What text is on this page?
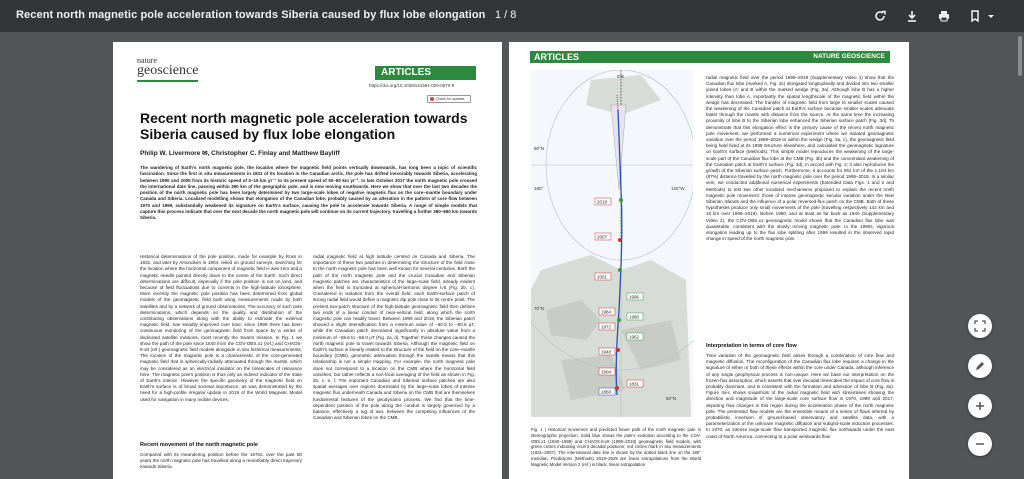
Recent north magnetic pole acceleration towards Siberia caused by flux lobe elongation 1 / 8
nature
geoscience	ARTICLES
https://doi.org/10.1038/s41561-020-0570-9
Check for updates
Recent north magnetic pole acceleration towards Siberia caused by flux lobe elongation
Philip W. Livermore ✉, Christopher C. Finlay and Matthew Bayliff
The wandering of Earth's north magnetic pole, the location where the magnetic field points vertically downwards, has long been a topic of scientific fascination. Since the first in situ measurements in 1831 of its location in the Canadian arctic, the pole has drifted inexorably towards Siberia, accelerating between 1990 and 2005 from its historic speed of 0–15 km yr⁻¹ to its present speed of 50–60 km yr⁻¹. In late October 2017 the north magnetic pole crossed the international date line, passing within 390 km of the geographic pole, and is now moving southwards. Here we show that over the last two decades the position of the north magnetic pole has been largely determined by two large-scale lobes of negative magnetic flux on the core–mantle boundary under Canada and Siberia. Localized modelling shows that elongation of the Canadian lobe, probably caused by an alteration in the pattern of core flow between 1970 and 1999, substantially weakened its signature on Earth's surface, causing the pole to accelerate towards Siberia. A range of simple models that capture this process indicate that over the next decade the north magnetic pole will continue on its current trajectory, travelling a further 390–660 km towards Siberia.
Historical determinations of the pole position, made for example by Ross in 1831, and later by Amundsen in 1904, relied on ground surveys, searching for the location where the horizontal component of magnetic field H was zero and a magnetic needle pointed directly down to the centre of the Earth. Such direct determinations are difficult, especially if the pole position is not on land, and because of field fluctuations due to currents in the high-latitude ionosphere. More recently the magnetic pole position has been determined from global models of the geomagnetic field built using measurements made by both satellites and by a network of ground observatories. The accuracy of such pole determinations, which depends on the quality and distribution of the contributing observations along with the ability to estimate the external magnetic field, has steadily improved over time; since 1999 there has been continuous monitoring of the geomagnetic field from space by a series of dedicated satellite missions, most recently the Swarm mission. In Fig. 1 we show the path of the pole since 1840 from the COV-OBS.x1 (ref.) and CHAOS-6-x8 (ref.) geomagnetic field models alongside in situ historical measurements. The location of the magnetic pole is a characteristic of the core-generated magnetic field that is spherically-radially attenuated through the mantle, which may be considered as an electrical insulator on the timescales of relevance here. The magnetic pole's position is thus only an indirect indicator of the state of Earth's interior. However the specific geometry of the magnetic field on Earth's surface is of broad societal importance, as was demonstrated by the need for a high-profile irregular update in 2019 of the World Magnetic Model used for navigation in many mobile devices.
radial magnetic field at high latitude centred on Canada and Siberia. The importance of these two patches in determining the structure of the field close to the north magnetic pole has been well known for several centuries. Both the path of the north magnetic pole and the crucial Canadian and Siberian magnetic patches are characteristics of the large-scale field, already evident when the field is truncated at spherical-harmonic degree l=6 (Fig. 2b, c). Considered in isolation from the overall field, each Earth-surface patch of strong radial field would define a magnetic dip pole close to its centre point. The present two-patch structure of the high-latitude geomagnetic field then defines two ends of a linear conduit of near-vertical field, along which the north magnetic pole can readily travel. Between 1999 and 2019, the Siberian patch showed a slight intensification from a minimum value of −60.5 to −60.6 μT, while the Canadian patch decreased significantly in absolute value from a minimum of −59.6 to −58.0 μT (Fig. 2a, d). Together, these changes caused the north magnetic pole to travel towards Siberia. Although the magnetic field on Earth's surface is linearly related to the structure of the field on the core–mantle boundary (CMB), geometric attenuation through the mantle means that this relationship is not a simple mapping. For example, the north magnetic pole does not correspond to a location on the CMB where the horizontal field vanishes, but rather reflects a non-local averaging of the field as shown in Fig. 2b, c, e, f. The important Canadian and Siberian surface patches are also spatial averages over regions dominated by the large-scale lobes of intense magnetic flux underneath Canada and Siberia on the CMB that are themselves fundamental features of the geodynamo process. We find that the time-dependent position of the pole along the conduit is largely governed by a balance, effectively a tug of war, between the competing influences of the Canadian and Siberian lobes on the CMB.
Recent movement of the north magnetic pole
Compared with its meandering position before the 1970s, over the past 50 years the north magnetic pole has travelled along a remarkably direct trajectory towards Siberia.
ARTICLES	NATURE GEOSCIENCE
2019
2007
2001
1996
1984
1980
1972
1962
1948
1904
1831
1860
80°N
70°N
60°N
0°E
180°	120°W
Fig. 1 | Historical movement and predicted future path of the north magnetic pole in stereographic projection. Solid blue shows the pole's evolution according to the COV-OBS.x1 (1840–1999) and CHAOS-6-x8 (1999–2019) geomagnetic field models, with green circles indicating recent decadal positions; red circles mark in situ measurements (1831–2007). The international date line is shown by the dotted black line on the 180° meridian. Predictions (Methods) 2019–2029 are linear extrapolations from the World Magnetic Model Version 2 (ref.) in black, linear extrapolation
radial magnetic field over the period 1999–2019 (Supplementary Video 1) show that the Canadian flux lobe (marked A, Fig. 3c) elongated longitudinally and divided into two smaller joined lobes (A' and B within the marked wedge (Fig. 3a). Although lobe B has a higher intensity than lobe A, importantly the spatial lengthscale of the magnetic field within the wedge has decreased. The transfer of magnetic field from large to smaller scales caused the weakening of the Canadian patch at Earth's surface because smaller scales attenuate faster through the mantle with distance from the source. At the same time the increasing proximity of lobe B to the Siberian lobe enhanced the Siberian surface patch (Fig. 3d). To demonstrate that this elongation effect is the primary cause of the recent north magnetic pole movement, we performed a numerical experiment where we isolated geomagnetic variation over the period 1999–2019 to within the wedge (Fig. 3a, c), the geomagnetic field being held fixed at its 1999 structure elsewhere, and calculated the geomagnetic signature on Earth's surface (Methods). This simple model reproduces the weakening of the large-scale part of the Canadian flux lobe at the CMB (Fig. 3b) and the concomitant weakening of the Canadian patch at Earth's surface (Fig. 3d), in accord with Fig. 2; it also reproduces the growth of the Siberian surface patch. Furthermore, it accounts for 961 km of the 1,104 km (87%) distance travelled by the north magnetic pole over the period 1999–2019. In a similar vein, we conducted additional numerical experiments (Extended Data Figs. 1 and 2 and Methods) to test two other localized mechanisms proposed to explain the recent north magnetic pole movement: those of intense geomagnetic secular variation under the New Siberian Islands and the influence of a polar reversed-flux patch on the CMB. Both of these hypotheses produce only small movements of the pole (travelling respectively 142 km and 16 km over 1999–2019). Before 1990, and at least as far back as 1940 (Supplementary Video 2), the COV-OBS.x1 geomagnetic model shows that the Canadian flux lobe was quasistable, consistent with the slowly moving magnetic pole. In the 1990s, vigorous elongation leading up to the flux lobe splitting after 1999 resulted in the observed rapid change in speed of the north magnetic pole.
Interpretation in terms of core flow
Time variation of the geomagnetic field arises through a combination of core flow and magnetic diffusion. The reconfiguration of the Canadian flux lobe requires a change in the signature of either or both of these effects within the core under Canada, although inference of any single geophysical process is non-unique. Here we base our interpretation on the frozen-flux assumption, which asserts that over decadal timescales the impact of core flow is probably dominant, and is consistent with the formation and advection of lobe B (Fig. 3a). Figure 4a-c shows snapshots of the radial magnetic field with streamlines showing the direction and magnitude of the large-scale core surface flow in 1970, 1999 and 2017, depicting flow changes in this region during the acceleration phase of the north magnetic pole. The presented flow models are the ensemble means of a series of flows inferred by probabilistic inversion of ground-based observatory and satellite data, with a parameterization of the unknown magnetic diffusion and subgrid-scale induction processes. In 1970, an intense large-scale flow transported magnetic flux northwards under the east coast of North America, connecting to a polar westwards flow
